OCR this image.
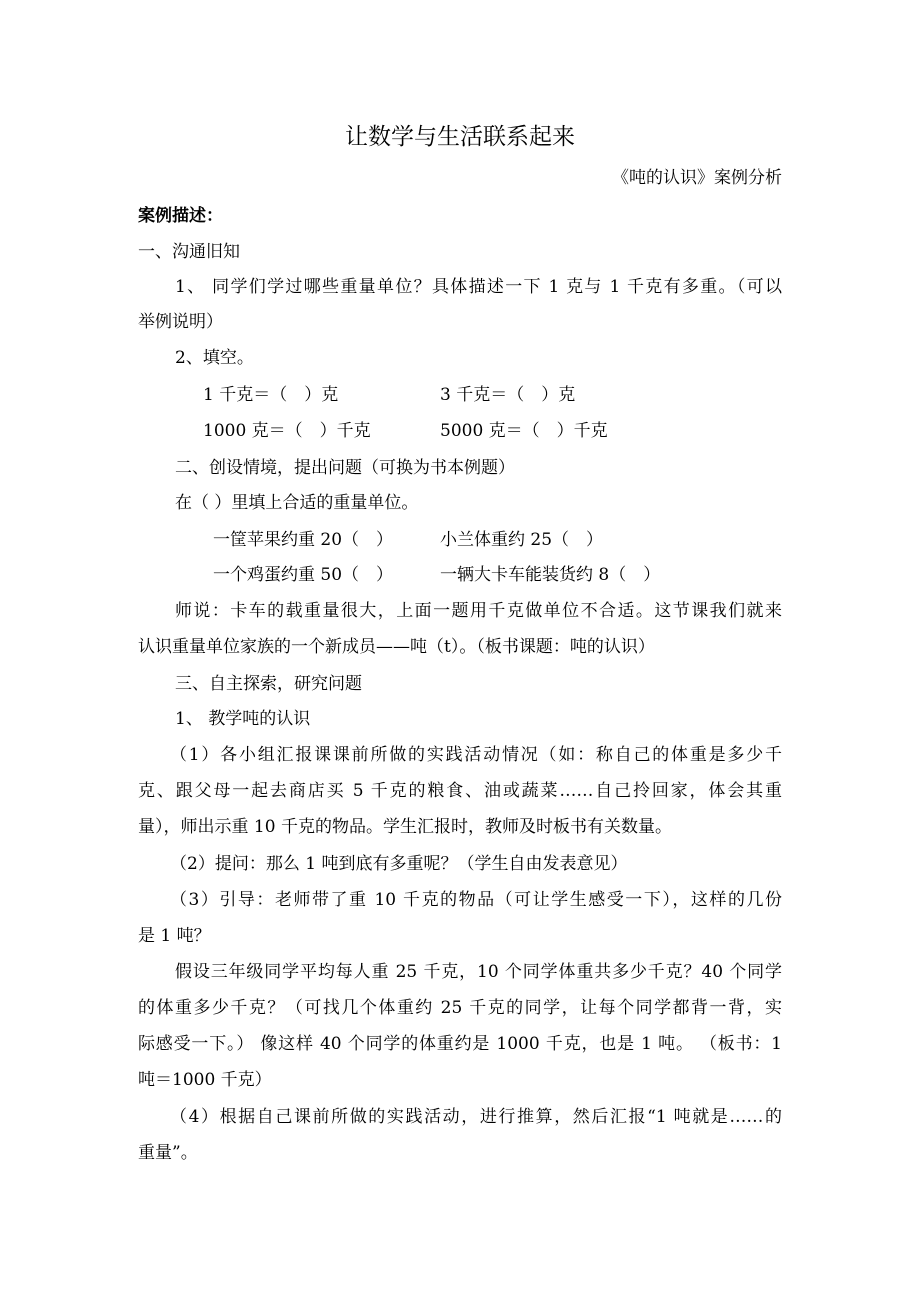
让数学与生活联系起来
《吨的认识》案例分析
案例描述：
一、沟通旧知
1、 同学们学过哪些重量单位？具体描述一下 1 克与 1 千克有多重。（可以
举例说明）
2、填空。
1 千克＝（　）克	3 千克＝（　）克
1000 克＝（　）千克	5000 克＝（　）千克
二、创设情境，提出问题（可换为书本例题）
在（ ）里填上合适的重量单位。
一筐苹果约重 20（　）	小兰体重约 25（　）
一个鸡蛋约重 50（　）	一辆大卡车能装货约 8（　）
师说：卡车的载重量很大，上面一题用千克做单位不合适。这节课我们就来
认识重量单位家族的一个新成员——吨（t）。（板书课题：吨的认识）
三、自主探索，研究问题
1、 教学吨的认识
（1）各小组汇报课课前所做的实践活动情况（如：称自己的体重是多少千
克、跟父母一起去商店买 5 千克的粮食、油或蔬菜……自己拎回家，体会其重
量），师出示重 10 千克的物品。学生汇报时，教师及时板书有关数量。
（2）提问：那么 1 吨到底有多重呢？（学生自由发表意见）
（3）引导：老师带了重 10 千克的物品（可让学生感受一下），这样的几份
是 1 吨？
假设三年级同学平均每人重 25 千克，10 个同学体重共多少千克？40 个同学
的体重多少千克？（可找几个体重约 25 千克的同学，让每个同学都背一背，实
际感受一下。） 像这样 40 个同学的体重约是 1000 千克，也是 1 吨。 （板书：1
吨＝1000 千克）
（4）根据自己课前所做的实践活动，进行推算，然后汇报“1 吨就是……的
重量”。
